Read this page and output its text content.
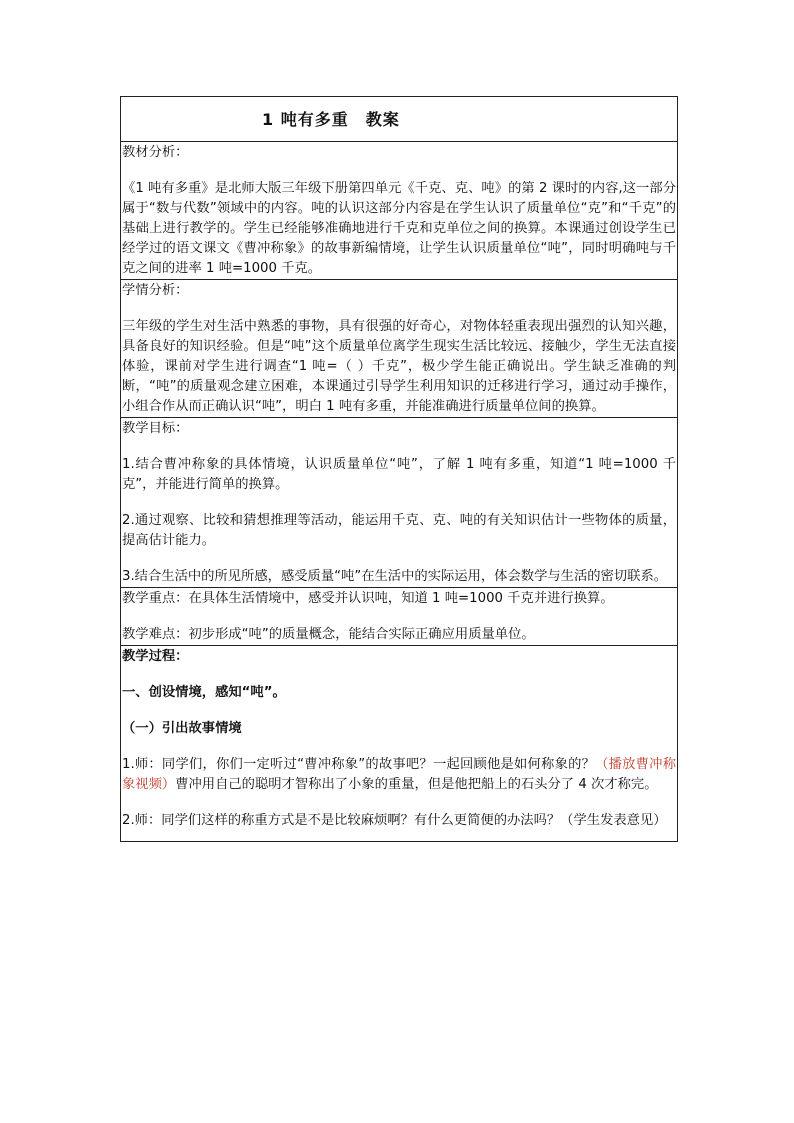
1 吨有多重　教案
教材分析：

《1 吨有多重》是北师大版三年级下册第四单元《千克、克、吨》的第 2 课时的内容,这一部分属于“数与代数”领域中的内容。吨的认识这部分内容是在学生认识了质量单位“克”和“千克”的基础上进行教学的。学生已经能够准确地进行千克和克单位之间的换算。本课通过创设学生已经学过的语文课文《曹冲称象》的故事新编情境，让学生认识质量单位“吨”，同时明确吨与千克之间的进率 1 吨=1000 千克。

学情分析：

三年级的学生对生活中熟悉的事物，具有很强的好奇心，对物体轻重表现出强烈的认知兴趣，具备良好的知识经验。但是“吨”这个质量单位离学生现实生活比较远、接触少，学生无法直接体验，课前对学生进行调查“1 吨=（ ）千克”，极少学生能正确说出。学生缺乏准确的判断，“吨”的质量观念建立困难，本课通过引导学生利用知识的迁移进行学习，通过动手操作，小组合作从而正确认识“吨”，明白 1 吨有多重，并能准确进行质量单位间的换算。

教学目标：

1.结合曹冲称象的具体情境，认识质量单位“吨”，了解 1 吨有多重，知道“1 吨=1000 千克”，并能进行简单的换算。

2.通过观察、比较和猜想推理等活动，能运用千克、克、吨的有关知识估计一些物体的质量，提高估计能力。

3.结合生活中的所见所感，感受质量“吨”在生活中的实际运用，体会数学与生活的密切联系。

教学重点：在具体生活情境中，感受并认识吨，知道 1 吨=1000 千克并进行换算。

教学难点：初步形成“吨”的质量概念，能结合实际正确应用质量单位。

教学过程：

一、创设情境，感知“吨”。

（一）引出故事情境

1.师：同学们，你们一定听过“曹冲称象”的故事吧？一起回顾他是如何称象的？（播放曹冲称象视频）曹冲用自己的聪明才智称出了小象的重量，但是他把船上的石头分了 4 次才称完。

2.师：同学们这样的称重方式是不是比较麻烦啊？有什么更简便的办法吗？（学生发表意见）
